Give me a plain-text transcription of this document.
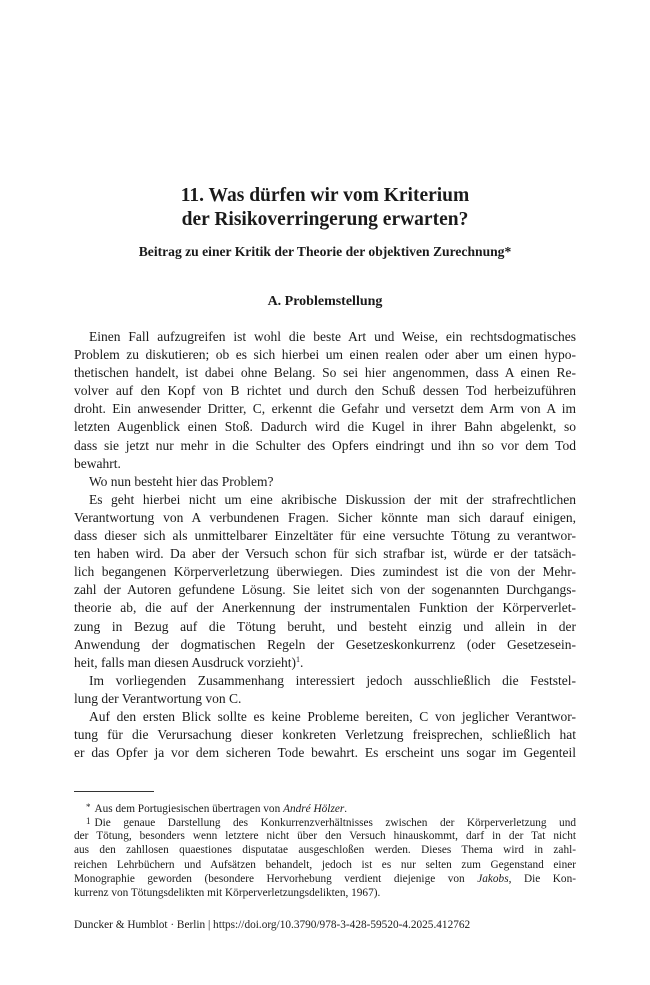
11. Was dürfen wir vom Kriterium
der Risikoverringerung erwarten?
Beitrag zu einer Kritik der Theorie der objektiven Zurechnung*
A. Problemstellung
Einen Fall aufzugreifen ist wohl die beste Art und Weise, ein rechtsdogmatisches
Problem zu diskutieren; ob es sich hierbei um einen realen oder aber um einen hypo-
thetischen handelt, ist dabei ohne Belang. So sei hier angenommen, dass A einen Re-
volver auf den Kopf von B richtet und durch den Schuß dessen Tod herbeizuführen
droht. Ein anwesender Dritter, C, erkennt die Gefahr und versetzt dem Arm von A im
letzten Augenblick einen Stoß. Dadurch wird die Kugel in ihrer Bahn abgelenkt, so
dass sie jetzt nur mehr in die Schulter des Opfers eindringt und ihn so vor dem Tod
bewahrt.
Wo nun besteht hier das Problem?
Es geht hierbei nicht um eine akribische Diskussion der mit der strafrechtlichen
Verantwortung von A verbundenen Fragen. Sicher könnte man sich darauf einigen,
dass dieser sich als unmittelbarer Einzeltäter für eine versuchte Tötung zu verantwor-
ten haben wird. Da aber der Versuch schon für sich strafbar ist, würde er der tatsäch-
lich begangenen Körperverletzung überwiegen. Dies zumindest ist die von der Mehr-
zahl der Autoren gefundene Lösung. Sie leitet sich von der sogenannten Durchgangs-
theorie ab, die auf der Anerkennung der instrumentalen Funktion der Körperverlet-
zung in Bezug auf die Tötung beruht, und besteht einzig und allein in der
Anwendung der dogmatischen Regeln der Gesetzeskonkurrenz (oder Gesetzesein-
heit, falls man diesen Ausdruck vorzieht)$^1$.
Im vorliegenden Zusammenhang interessiert jedoch ausschließlich die Feststel-
lung der Verantwortung von C.
Auf den ersten Blick sollte es keine Probleme bereiten, C von jeglicher Verantwor-
tung für die Verursachung dieser konkreten Verletzung freisprechen, schließlich hat
er das Opfer ja vor dem sicheren Tode bewahrt. Es erscheint uns sogar im Gegenteil
* Aus dem Portugiesischen übertragen von André Hölzer.
1 Die genaue Darstellung des Konkurrenzverhältnisses zwischen der Körperverletzung und
der Tötung, besonders wenn letztere nicht über den Versuch hinauskommt, darf in der Tat nicht
aus den zahllosen quaestiones disputatae ausgeschloßen werden. Dieses Thema wird in zahl-
reichen Lehrbüchern und Aufsätzen behandelt, jedoch ist es nur selten zum Gegenstand einer
Monographie geworden (besondere Hervorhebung verdient diejenige von Jakobs, Die Kon-
kurrenz von Tötungsdelikten mit Körperverletzungsdelikten, 1967).
Duncker & Humblot · Berlin | https://doi.org/10.3790/978-3-428-59520-4.2025.412762
